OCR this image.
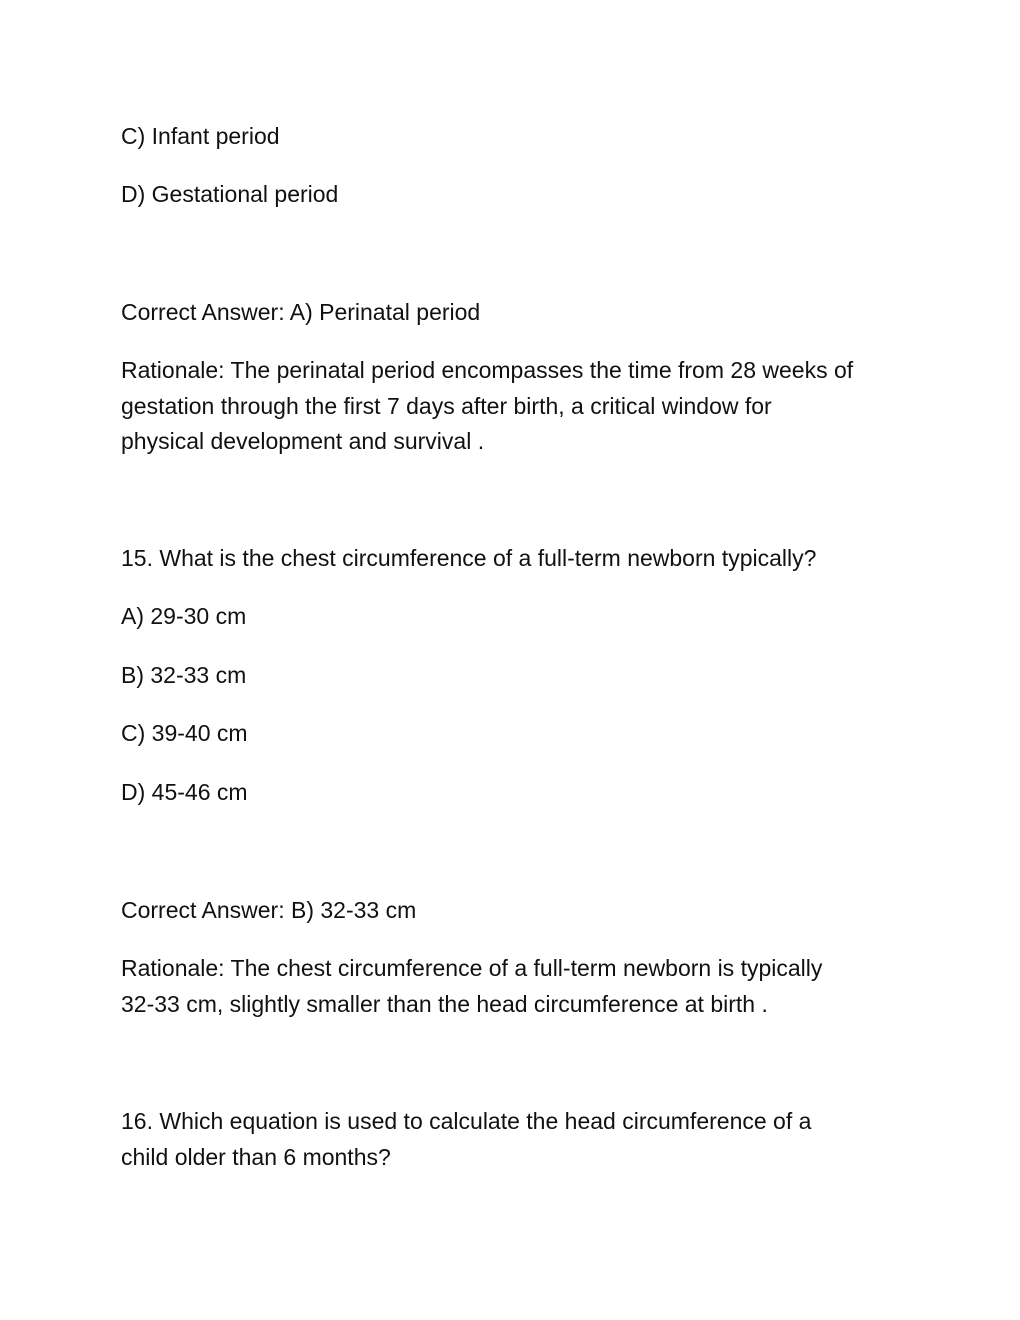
C) Infant period
D) Gestational period
Correct Answer: A) Perinatal period
Rationale: The perinatal period encompasses the time from 28 weeks of
gestation through the first 7 days after birth, a critical window for
physical development and survival .
15. What is the chest circumference of a full-term newborn typically?
A) 29-30 cm
B) 32-33 cm
C) 39-40 cm
D) 45-46 cm
Correct Answer: B) 32-33 cm
Rationale: The chest circumference of a full-term newborn is typically
32-33 cm, slightly smaller than the head circumference at birth .
16. Which equation is used to calculate the head circumference of a
child older than 6 months?
